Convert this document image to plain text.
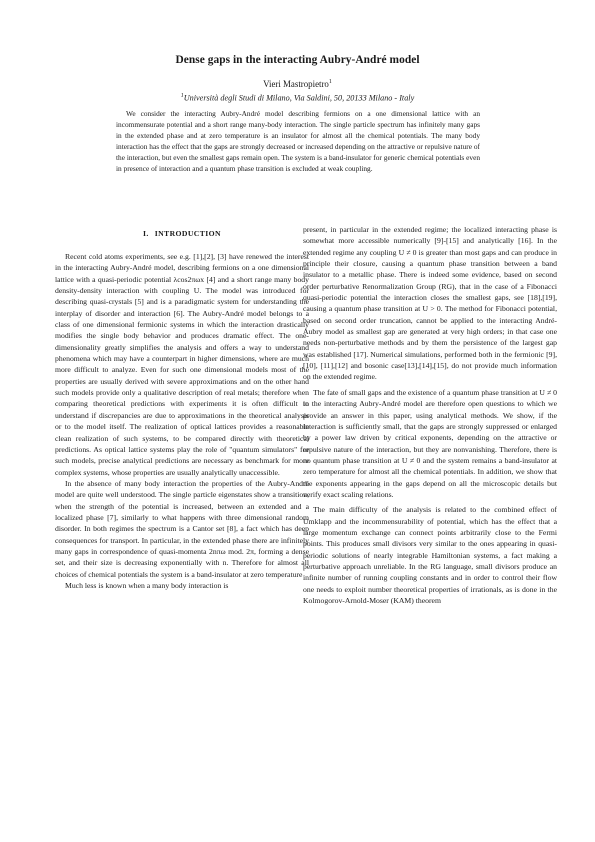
Dense gaps in the interacting Aubry-André model
Vieri Mastropietro$^1$
$^1$Università degli Studi di Milano, Via Saldini, 50, 20133 Milano - Italy
We consider the interacting Aubry-André model describing fermions on a one dimensional lattice with an incommensurate potential and a short range many-body interaction. The single particle spectrum has infinitely many gaps in the extended phase and at zero temperature is an insulator for almost all the chemical potentials. The many body interaction has the effect that the gaps are strongly decreased or increased depending on the attractive or repulsive nature of the interaction, but even the smallest gaps remain open. The system is a band-insulator for generic chemical potentials even in presence of interaction and a quantum phase transition is excluded at weak coupling.
I. INTRODUCTION

Recent cold atoms experiments, see e.g. [1],[2], [3] have renewed the interest in the interacting Aubry-André model, describing fermions on a one dimensional lattice with a quasi-periodic potential λcos2πωx [4] and a short range many body density-density interaction with coupling U. The model was introduced for describing quasi-crystals [5] and is a paradigmatic system for understanding the interplay of disorder and interaction [6]. The Aubry-André model belongs to a class of one dimensional fermionic systems in which the interaction drastically modifies the single body behavior and produces dramatic effect. The one-dimensionality greatly simplifies the analysis and offers a way to understand phenomena which may have a counterpart in higher dimensions, where are much more difficult to analyze. Even for such one dimensional models most of the properties are usually derived with severe approximations and on the other hand such models provide only a qualitative description of real metals; therefore when comparing theoretical predictions with experiments it is often difficult to understand if discrepancies are due to approximations in the theoretical analysis or to the model itself. The realization of optical lattices provides a reasonable clean realization of such systems, to be compared directly with theoretical predictions. As optical lattice systems play the role of "quantum simulators" for such models, precise analytical predictions are necessary as benchmark for more complex systems, whose properties are usually analytically unaccessible.

In the absence of many body interaction the properties of the Aubry-André model are quite well understood. The single particle eigenstates show a transition, when the strength of the potential is increased, between an extended and a localized phase [7], similarly to what happens with three dimensional random disorder. In both regimes the spectrum is a Cantor set [8], a fact which has deep consequences for transport. In particular, in the extended phase there are infinitely many gaps in correspondence of quasi-momenta 2nπω mod. 2π, forming a dense set, and their size is decreasing exponentially with n. Therefore for almost all choices of chemical potentials the system is a band-insulator at zero temperature

Much less is known when a many body interaction is

present, in particular in the extended regime; the localized interacting phase is somewhat more accessible numerically [9]-[15] and analytically [16]. In the extended regime any coupling U ≠ 0 is greater than most gaps and can produce in principle their closure, causing a quantum phase transition between a band insulator to a metallic phase. There is indeed some evidence, based on second order perturbative Renormalization Group (RG), that in the case of a Fibonacci quasi-periodic potential the interaction closes the smallest gaps, see [18],[19], causing a quantum phase transition at U > 0. The method for Fibonacci potential, based on second order truncation, cannot be applied to the interacting André-Aubry model as smallest gap are generated at very high orders; in that case one needs non-perturbative methods and by them the persistence of the largest gap was established [17]. Numerical simulations, performed both in the fermionic [9], [10], [11],[12] and bosonic case[13],[14],[15], do not provide much information on the extended regime.

The fate of small gaps and the existence of a quantum phase transition at U ≠ 0 in the interacting Aubry-André model are therefore open questions to which we provide an answer in this paper, using analytical methods. We show, if the interaction is sufficiently small, that the gaps are strongly suppressed or enlarged by a power law driven by critical exponents, depending on the attractive or repulsive nature of the interaction, but they are nonvanishing. Therefore, there is no quantum phase transition at U ≠ 0 and the system remains a band-insulator at zero temperature for almost all the chemical potentials. In addition, we show that the exponents appearing in the gaps depend on all the microscopic details but verify exact scaling relations.

The main difficulty of the analysis is related to the combined effect of Umklapp and the incommensurability of potential, which has the effect that a large momentum exchange can connect points arbitrarily close to the Fermi points. This produces small divisors very similar to the ones appearing in quasi-periodic solutions of nearly integrable Hamiltonian systems, a fact making a perturbative approach unreliable. In the RG language, small divisors produce an infinite number of running coupling constants and in order to control their flow one needs to exploit number theoretical properties of irrationals, as is done in the Kolmogorov-Arnold-Moser (KAM) theorem
